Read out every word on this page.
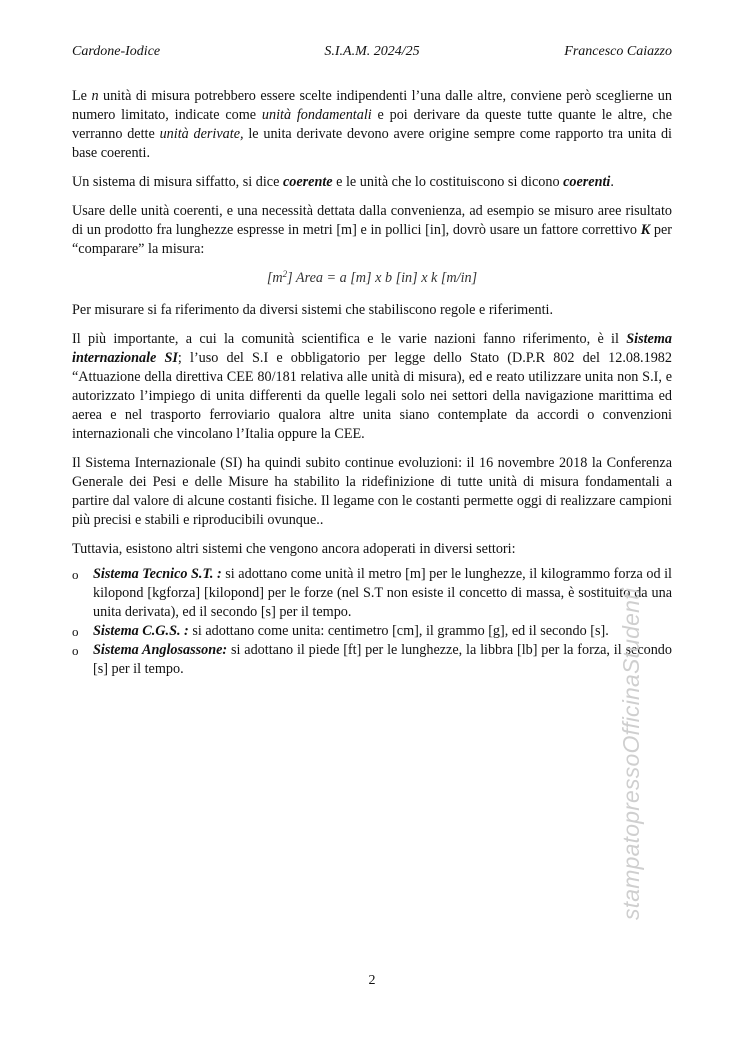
S.I.A.M. 2024/25
Cardone-Iodice	Francesco Caiazzo

Le n unità di misura potrebbero essere scelte indipendenti l’una dalle altre, conviene però sceglierne un numero limitato, indicate come unità fondamentali e poi derivare da queste tutte quante le altre, che verranno dette unità derivate, le unita derivate devono avere origine sempre come rapporto tra unita di base coerenti.

Un sistema di misura siffatto, si dice coerente e le unità che lo costituiscono si dicono coerenti.

Usare delle unità coerenti, e una necessità dettata dalla convenienza, ad esempio se misuro aree risultato di un prodotto fra lunghezze espresse in metri [m] e in pollici [in], dovrò usare un fattore correttivo K per “comparare” la misura:

$[m^2]$ Area = a [m] x b [in] x k [m/in]

Per misurare si fa riferimento da diversi sistemi che stabiliscono regole e riferimenti.

Il più importante, a cui la comunità scientifica e le varie nazioni fanno riferimento, è il Sistema internazionale SI; l’uso del S.I e obbligatorio per legge dello Stato (D.P.R 802 del 12.08.1982 “Attuazione della direttiva CEE 80/181 relativa alle unità di misura), ed e reato utilizzare unita non S.I, e autorizzato l’impiego di unita differenti da quelle legali solo nei settori della navigazione marittima ed aerea e nel trasporto ferroviario qualora altre unita siano contemplate da accordi o convenzioni internazionali che vincolano l’Italia oppure la CEE.

Il Sistema Internazionale (SI) ha quindi subito continue evoluzioni: il 16 novembre 2018 la Conferenza Generale dei Pesi e delle Misure ha stabilito la ridefinizione di tutte unità di misura fondamentali a partire dal valore di alcune costanti fisiche. Il legame con le costanti permette oggi di realizzare campioni più precisi e stabili e riproducibili ovunque..

Tuttavia, esistono altri sistemi che vengono ancora adoperati in diversi settori:

o Sistema Tecnico S.T. : si adottano come unità il metro [m] per le lunghezze, il kilogrammo forza od il kilopond [kgforza] [kilopond] per le forze (nel S.T non esiste il concetto di massa, è sostituito da una unita derivata), ed il secondo [s] per il tempo.
o Sistema C.G.S. : si adottano come unita: centimetro [cm], il grammo [g], ed il secondo [s].
o Sistema Anglosassone: si adottano il piede [ft] per le lunghezze, la libbra [lb] per la forza, il secondo [s] per il tempo.	stampatopressoOfficinaStudenti
2
